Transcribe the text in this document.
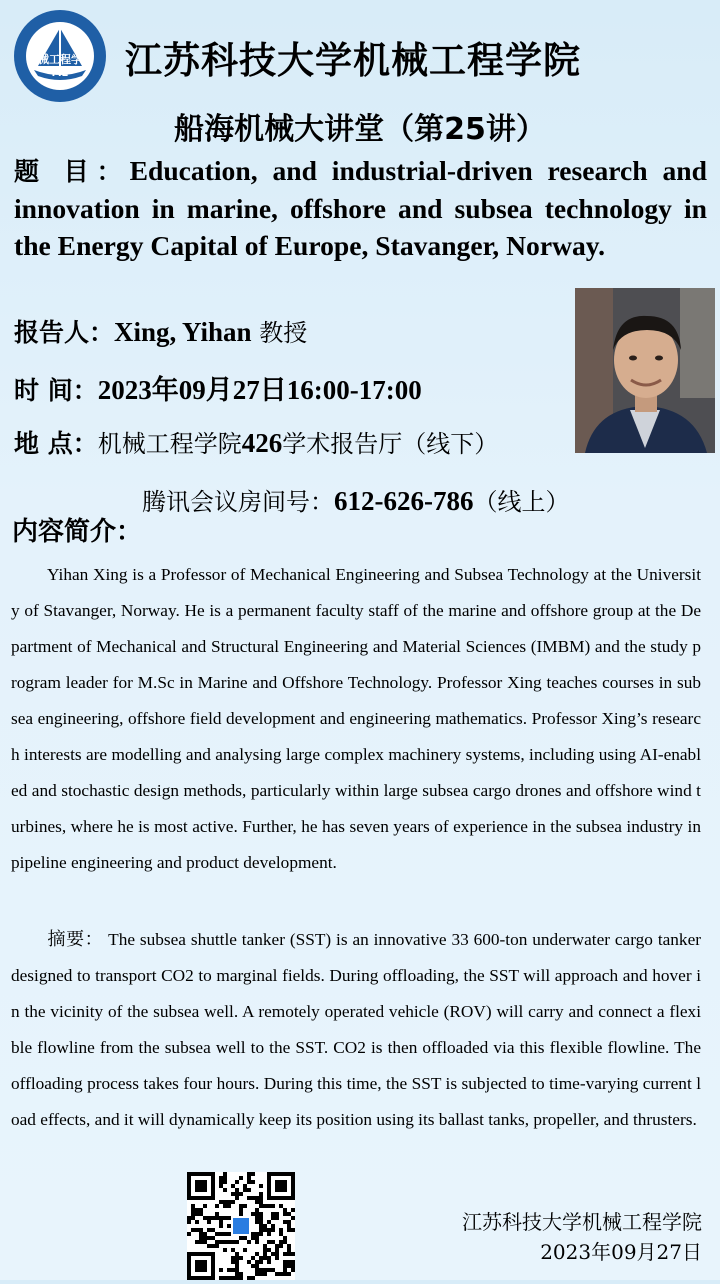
船械工程学院
ME 江苏科技大学机械工程学院
船海机械大讲堂（第25讲）
题 目：Education, and industrial-driven research and innovation in marine, offshore and subsea technology in the Energy Capital of Europe, Stavanger, Norway.
报告人：Xing, Yihan 教授
时 间：2023年09月27日16:00-17:00
地 点：机械工程学院426学术报告厅（线下）
腾讯会议房间号：612-626-786（线上）
内容简介：
Yihan Xing is a Professor of Mechanical Engineering and Subsea Technology at the University of Stavanger, Norway. He is a permanent faculty staff of the marine and offshore group at the Department of Mechanical and Structural Engineering and Material Sciences (IMBM) and the study program leader for M.Sc in Marine and Offshore Technology. Professor Xing teaches courses in subsea engineering, offshore field development and engineering mathematics. Professor Xing’s research interests are modelling and analysing large complex machinery systems, including using AI-enabled and stochastic design methods, particularly within large subsea cargo drones and offshore wind turbines, where he is most active. Further, he has seven years of experience in the subsea industry in pipeline engineering and product development.
摘要： The subsea shuttle tanker (SST) is an innovative 33 600-ton underwater cargo tanker designed to transport CO2 to marginal fields. During offloading, the SST will approach and hover in the vicinity of the subsea well. A remotely operated vehicle (ROV) will carry and connect a flexible flowline from the subsea well to the SST. CO2 is then offloaded via this flexible flowline. The offloading process takes four hours. During this time, the SST is subjected to time-varying current load effects, and it will dynamically keep its position using its ballast tanks, propeller, and thrusters.
江苏科技大学机械工程学院
2023年09月27日
